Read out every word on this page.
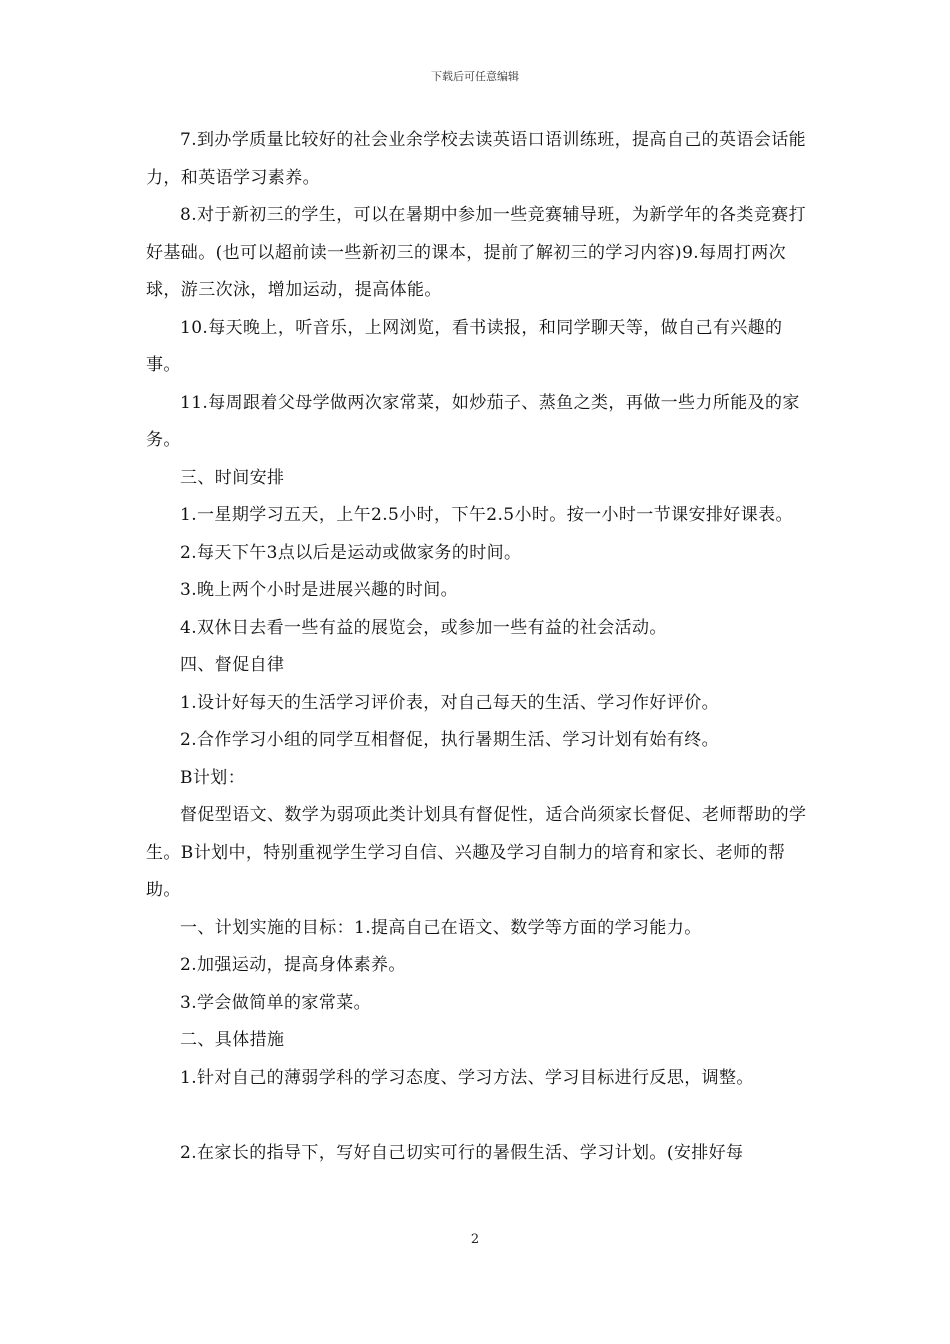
下载后可任意编辑

7.到办学质量比较好的社会业余学校去读英语口语训练班，提高自己的英语会话能力，和英语学习素养。

8.对于新初三的学生，可以在暑期中参加一些竞赛辅导班，为新学年的各类竞赛打好基础。(也可以超前读一些新初三的课本，提前了解初三的学习内容)9.每周打两次球，游三次泳，增加运动，提高体能。

10.每天晚上，听音乐，上网浏览，看书读报，和同学聊天等，做自己有兴趣的事。

11.每周跟着父母学做两次家常菜，如炒茄子、蒸鱼之类，再做一些力所能及的家务。

三、时间安排

1.一星期学习五天，上午2.5小时，下午2.5小时。按一小时一节课安排好课表。

2.每天下午3点以后是运动或做家务的时间。

3.晚上两个小时是进展兴趣的时间。

4.双休日去看一些有益的展览会，或参加一些有益的社会活动。

四、督促自律

1.设计好每天的生活学习评价表，对自己每天的生活、学习作好评价。

2.合作学习小组的同学互相督促，执行暑期生活、学习计划有始有终。

B计划：

督促型语文、数学为弱项此类计划具有督促性，适合尚须家长督促、老师帮助的学生。B计划中，特别重视学生学习自信、兴趣及学习自制力的培育和家长、老师的帮助。

一、计划实施的目标：1.提高自己在语文、数学等方面的学习能力。

2.加强运动，提高身体素养。

3.学会做简单的家常菜。

二、具体措施

1.针对自己的薄弱学科的学习态度、学习方法、学习目标进行反思，调整。

2.在家长的指导下，写好自己切实可行的暑假生活、学习计划。(安排好每

2
